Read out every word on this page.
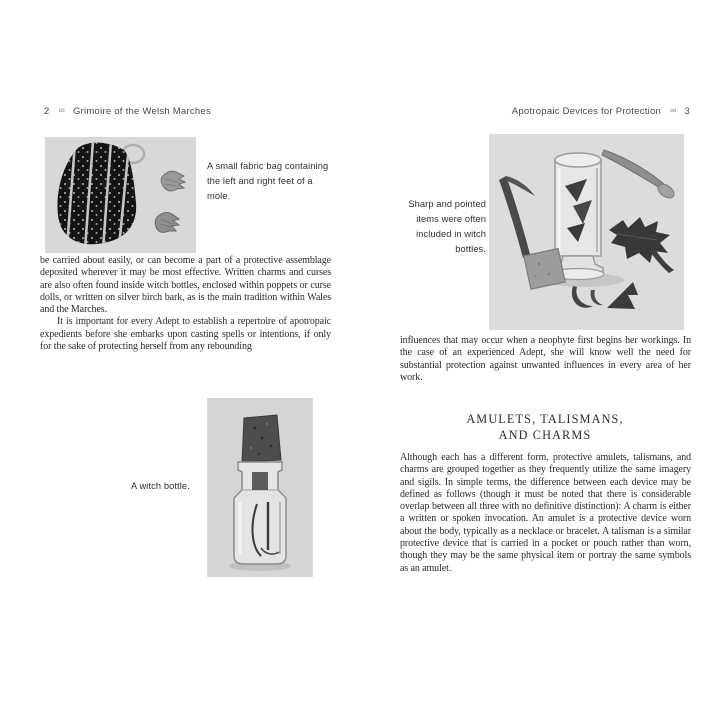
2 ∞ Grimoire of the Welsh Marches
A small fabric bag containing the left and right feet of a mole.

be carried about easily, or can become a part of a protective assemblage deposited wherever it may be most effective. Written charms and curses are also often found inside witch bottles, enclosed within poppets or curse dolls, or written on silver birch bark, as is the main tradition within Wales and the Marches.

It is important for every Adept to establish a repertoire of apotropaic expedients before she embarks upon casting spells or intentions, if only for the sake of protecting herself from any rebounding

A witch bottle.
Apotropaic Devices for Protection ∞ 3
Sharp and pointed items were often included in witch bottles.

influences that may occur when a neophyte first begins her workings. In the case of an experienced Adept, she will know well the need for substantial protection against unwanted influences in every area of her work.

AMULETS, TALISMANS,
AND CHARMS

Although each has a different form, protective amulets, talismans, and charms are grouped together as they frequently utilize the same imagery and sigils. In simple terms, the difference between each device may be defined as follows (though it must be noted that there is considerable overlap between all three with no definitive distinction): A charm is either a written or spoken invocation. An amulet is a protective device worn about the body, typically as a necklace or bracelet. A talisman is a similar protective device that is carried in a pocket or pouch rather than worn, though they may be the same physical item or portray the same symbols as an amulet.
